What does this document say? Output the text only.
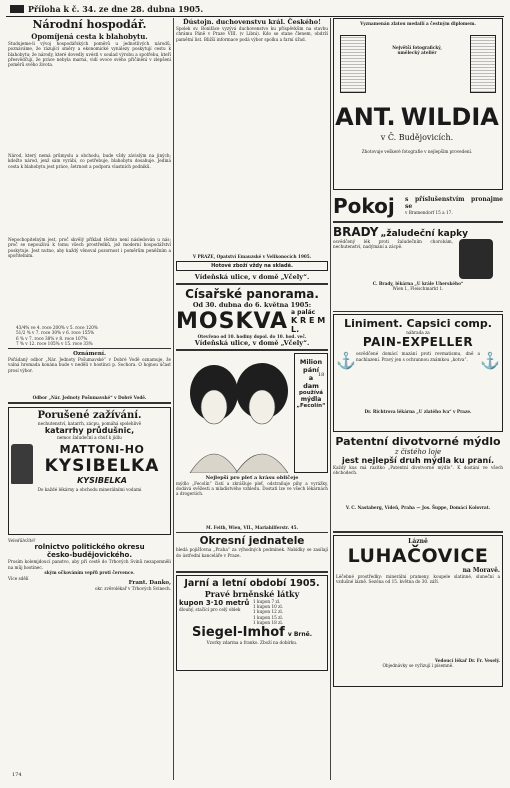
Příloha k č. 34. ze dne 28. dubna 1905.
Národní hospodář.
Opomíjená cesta k blahobytu.

Studujeme-li vývoj hospodářských poměrů u jednotlivých národů, poznáváme, že rázující směry a ekonomické vynálezy poskytují cestu k blahobytu; že národy, které dovedly uvésti v soulad výrobu a spotřebu, kteří přesvědčují, že práce nebyla marná, vidí ovoce svého přičinění v zlepšení poměrů svého života.

Národ, který nemá průmyslu a obchodu, bude vždy závislým na jiných; kdežto národ, jenž sám vyrábí, co potřebuje, blahobytu dosahuje. Jediná cesta k blahobytu jest práce, šetrnost a podpora vlastních podniků.

Nepochopitelným jest, proč skvělý příklad těchto není následován u nás; proč se nepoužívá k tomu všech prostředků, jež moderní hospodářství poskytuje. Jest nutno, aby každý věnoval pozornost i poměrům peněžním a spořitelním.

43/4% ve 4. roce 200% v 5. roce 120%
51/2 % v 7. roce 30% v 6. roce 155%
6 % v 7. roce 38% v 8. roce 107%
7 % v 12. roce 105% v 15. roce 33%
Oznámení.

Pořádaný odbor „Nár. Jednoty Pošumavské“ v Dobré Vodě oznamuje, že valná hromada konána bude v neděli v hostinci p. Sochora. O hojnou účast prosí výbor.

Odbor „Nár. Jednoty Pošumavské“ v Dobré Vodě.
Porušené zažívání.
nechutenství, katarrh, zácpu, pomáhá spolehlivě
katarrhy průdušnic,
nemoc žaludeční a chuť k jídlu
MATTONI-HO
KYSIBELKA
KYSIBELKA
Do každé lékárny a obchodu minerálními vodami
Veledůležité!
rolnictvo politického okresu
česko-budějovického.

Prosím kolemjdoucí panstvo, aby při cestě do Trhových Svinů nezapomněli na můj hostinec.

ským očkováním vepřů proti července.
Více sdělí
Frant. Danko,
okr. zvěrolékař v Trhových Svinech.
Ďústojn. duchovenstvu král. Českého!

Spolek sv. Bonifáce vyzývá duchovenstvo ku příspěvkům na stavbu chrámu Páně v Praze VIII. (v Libni). Kdo se stane členem, obdrží pamětní list. Bližší informace podá výbor spolku a farní úřad.

V PRAZE, Opatství Emauzské v Velikonocích 1905.
Hotové zboží vždy na skladě.
Vídeňská ulice, v domě „Včely“.
Císařské panorama.
Od 30. dubna do 6. května 1905:
MOSKVA a palác
K R E M L.
Otevřeno od 10. hodiny dopol. do 10. hod. več.
Vídeňská ulice, v domě „Včely“.
Milion
pání
a
dam
používá
mýdla
„Fecolín“
Nejlepší pro pleť a krásu obličeje

mýdlo „Fecolín“ čistí a zkrášluje pleť, odstraňuje pihy a vyrážky, dodává svěžesti a mladistvého vzhledu. Dostati lze ve všech lékárnách a drogeriích.

M. Feith, Wien, VII., Mariahilferstr. 45.
Okresní jednatele

hledá pojišťovna „Praha“ za výhodných podmínek. Nabídky se zasílají do ústřední kanceláře v Praze.

Jarní a letní období 1905.
Pravé brněnské látky
kupon 3·10 metrů
dlouhý, stačící pro celý oblek
1 kupon 7 zl.
1 kupon 10 zl.
1 kupon 12 zl.
1 kupon 15 zl.
1 kupon 18 zl.
Siegel-Imhof v Brně.
Vzorky zdarma a franko. Zboží na dobírku.
Vyznamenán zlatou medailí a čestným diplomem.
Největší fotografický,
umělecký ateliér
ANT. WILDIA
v Č. Budějovicích.
Zhotovuje veškeré fotografie v nejlepším provedení.
Pokoj	s příslušenstvím pronajme se
v Bramendorf 15 a 17.
BRADY „žaludeční kapky

osvědčený lék proti žaludečním chorobám, nechutenství, nadýmání a zácpě.

C. Brady, lékárna „U krále Uherského“
Wien I., Fleischmarkt 1.
Liniment. Capsici comp.
náhrada za
PAIN-EXPELLER
⚓ osvědčené domácí mazání proti revmatismu, dně a nachlazení. Pravý jen s ochrannou známkou „kotva“. ⚓
Dr. Richtrova lékárna „U zlatého lva“ v Praze.
Patentní divotvorné mýdlo
z čistého loje
jest nejlepší druh mýdla ku praní.

Každý kus má razítko „Patentní divotvorné mýdlo“. K dostání ve všech obchodech.

V. C. Nastaberg, Vídeň, Praha — Jos. Šuppe, Domácí Kolovrat.
Lázně
LUHAČOVICE
na Moravě.

Léčebné prostředky: minerální prameny, koupele slatinné, sluneční a vzdušné lázně. Sezóna od 15. května do 30. září.

Vedoucí lékař Dr. Fr. Veselý.
Objednávky se vyřizují i písemně.
174
18
